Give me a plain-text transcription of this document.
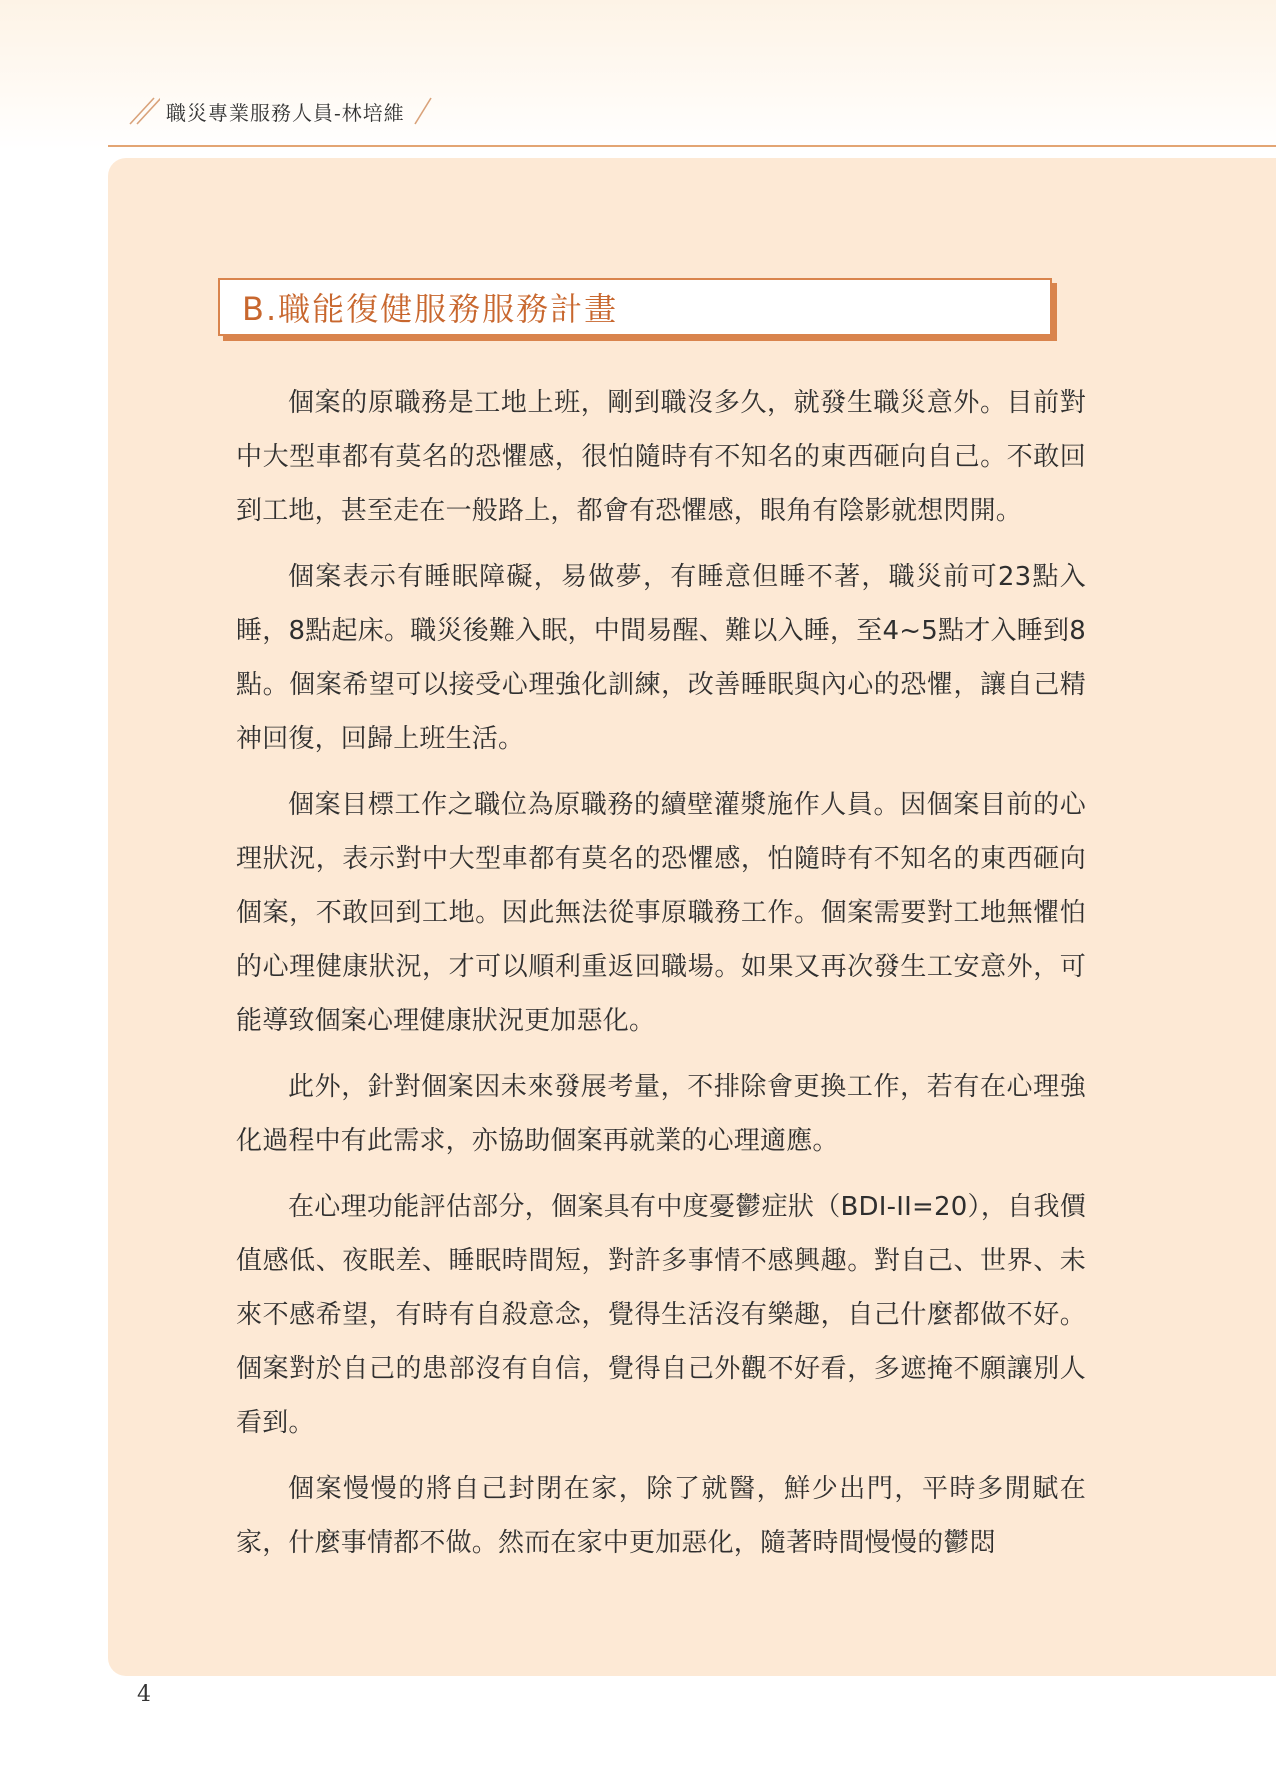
職災專業服務人員-林培維
B.職能復健服務服務計畫

個案的原職務是工地上班，剛到職沒多久，就發生職災意外。目前對中大型車都有莫名的恐懼感，很怕隨時有不知名的東西砸向自己。不敢回到工地，甚至走在一般路上，都會有恐懼感，眼角有陰影就想閃開。

個案表示有睡眠障礙，易做夢，有睡意但睡不著，職災前可23點入睡，8點起床。職災後難入眠，中間易醒、難以入睡，至4~5點才入睡到8點。個案希望可以接受心理強化訓練，改善睡眠與內心的恐懼，讓自己精神回復，回歸上班生活。

個案目標工作之職位為原職務的續壁灌漿施作人員。因個案目前的心理狀況，表示對中大型車都有莫名的恐懼感，怕隨時有不知名的東西砸向個案，不敢回到工地。因此無法從事原職務工作。個案需要對工地無懼怕的心理健康狀況，才可以順利重返回職場。如果又再次發生工安意外，可能導致個案心理健康狀況更加惡化。

此外，針對個案因未來發展考量，不排除會更換工作，若有在心理強化過程中有此需求，亦協助個案再就業的心理適應。

在心理功能評估部分，個案具有中度憂鬱症狀（BDI-II=20），自我價值感低、夜眠差、睡眠時間短，對許多事情不感興趣。對自己、世界、未來不感希望，有時有自殺意念，覺得生活沒有樂趣，自己什麼都做不好。個案對於自己的患部沒有自信，覺得自己外觀不好看，多遮掩不願讓別人看到。

個案慢慢的將自己封閉在家，除了就醫，鮮少出門，平時多閒賦在家，什麼事情都不做。然而在家中更加惡化，隨著時間慢慢的鬱悶

4
